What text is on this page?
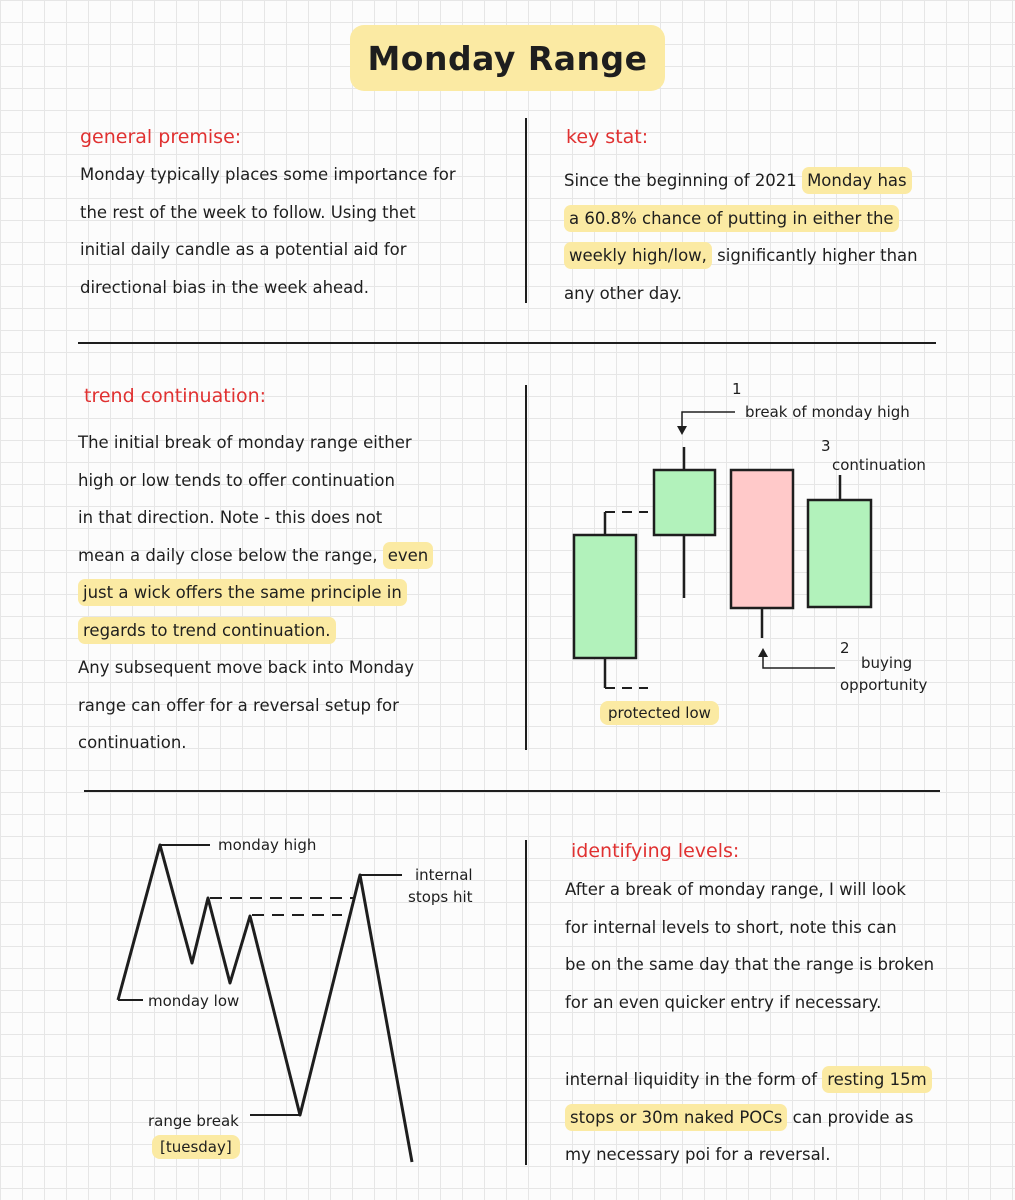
Monday Range
general premise:
Monday typically places some importance for
the rest of the week to follow. Using thet
initial daily candle as a potential aid for
directional bias in the week ahead.
key stat:
Since the beginning of 2021 Monday has
a 60.8% chance of putting in either the
weekly high/low, significantly higher than
any other day.
trend continuation:
The initial break of monday range either
high or low tends to offer continuation
in that direction. Note - this does not
mean a daily close below the range, even
just a wick offers the same principle in
regards to trend continuation.
Any subsequent move back into Monday
range can offer for a reversal setup for
continuation.
1
break of monday high
3
continuation
2
buying
opportunity
protected low
monday high
monday low
internal
stops hit
range break
[tuesday]
identifying levels:
After a break of monday range, I will look
for internal levels to short, note this can
be on the same day that the range is broken
for an even quicker entry if necessary.
internal liquidity in the form of resting 15m
stops or 30m naked POCs can provide as
my necessary poi for a reversal.
